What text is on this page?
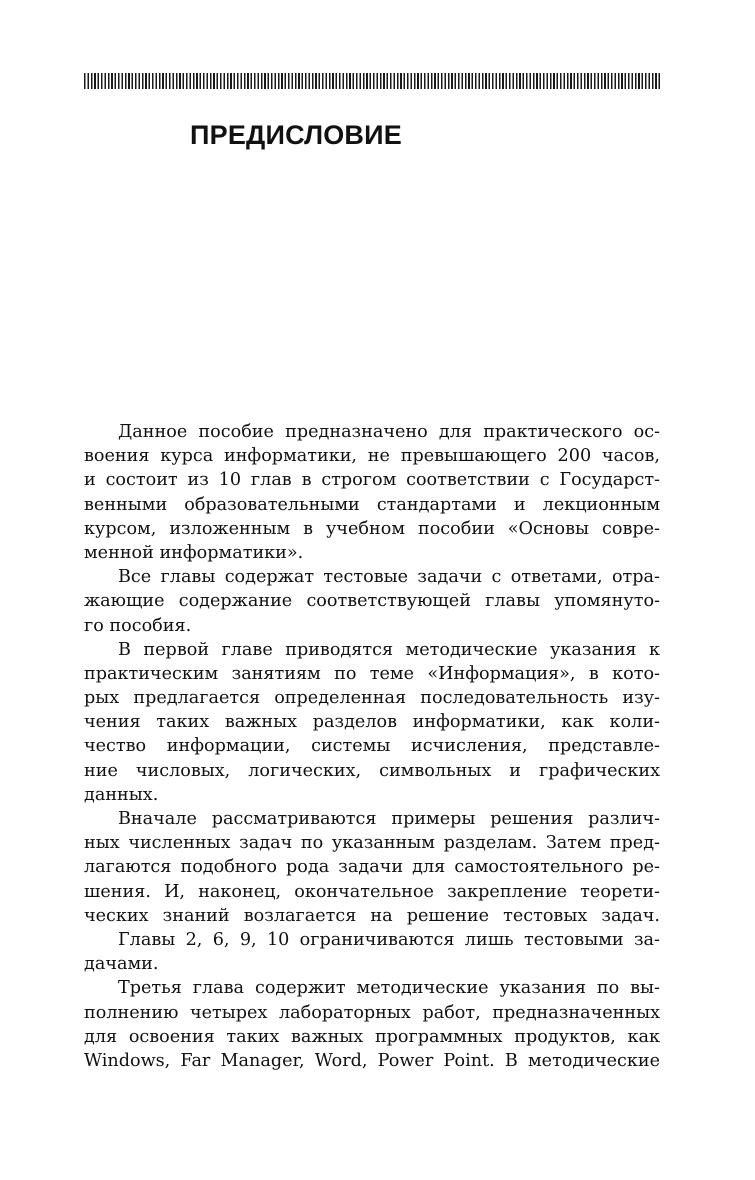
ПРЕДИСЛОВИЕ
Данное пособие предназначено для практического ос-
воения курса информатики, не превышающего 200 часов,
и состоит из 10 глав в строгом соответствии с Государст-
венными образовательными стандартами и лекционным
курсом, изложенным в учебном пособии «Основы совре-
менной информатики».
Все главы содержат тестовые задачи с ответами, отра-
жающие содержание соответствующей главы упомянуто-
го пособия.
В первой главе приводятся методические указания к
практическим занятиям по теме «Информация», в кото-
рых предлагается определенная последовательность изу-
чения таких важных разделов информатики, как коли-
чество информации, системы исчисления, представле-
ние числовых, логических, символьных и графических
данных.
Вначале рассматриваются примеры решения различ-
ных численных задач по указанным разделам. Затем пред-
лагаются подобного рода задачи для самостоятельного ре-
шения. И, наконец, окончательное закрепление теорети-
ческих знаний возлагается на решение тестовых задач.
Главы 2, 6, 9, 10 ограничиваются лишь тестовыми за-
дачами.
Третья глава содержит методические указания по вы-
полнению четырех лабораторных работ, предназначенных
для освоения таких важных программных продуктов, как
Windows, Far Manager, Word, Power Point. В методические
